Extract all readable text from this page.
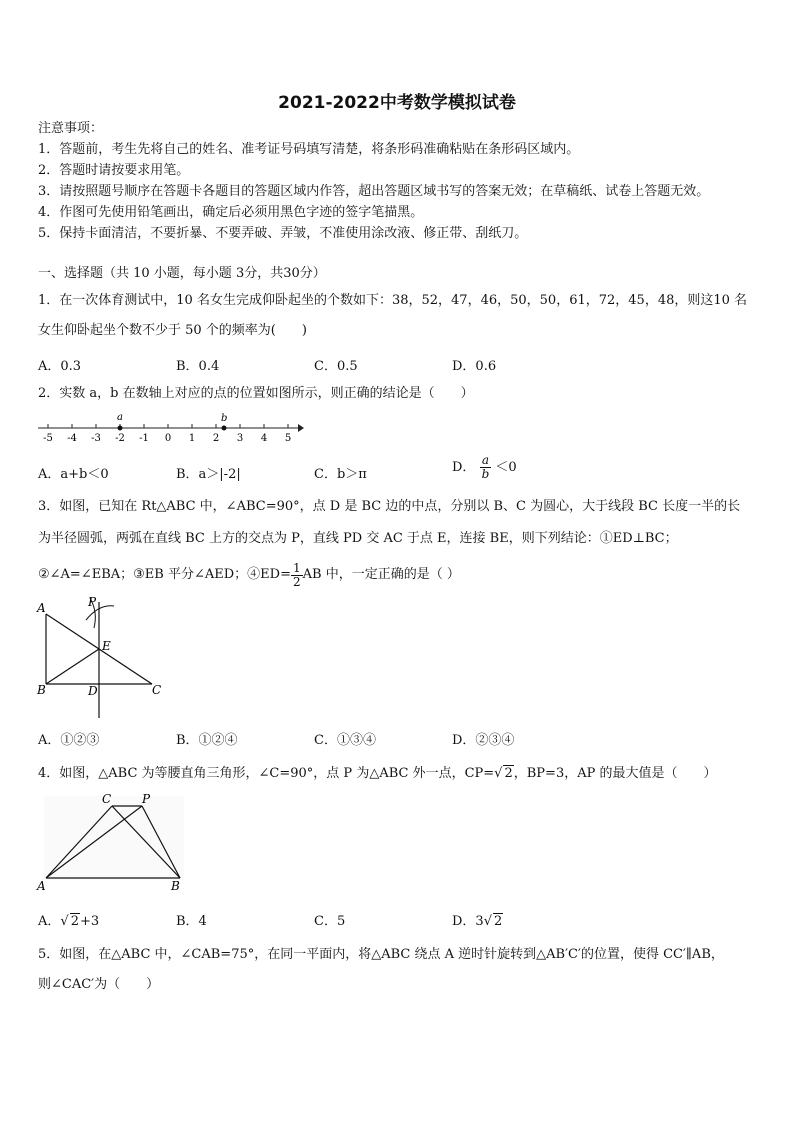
2021-2022中考数学模拟试卷
注意事项：
1．答题前，考生先将自己的姓名、准考证号码填写清楚，将条形码准确粘贴在条形码区域内。
2．答题时请按要求用笔。
3．请按照题号顺序在答题卡各题目的答题区域内作答，超出答题区域书写的答案无效；在草稿纸、试卷上答题无效。
4．作图可先使用铅笔画出，确定后必须用黑色字迹的签字笔描黑。
5．保持卡面清洁，不要折暴、不要弄破、弄皱，不准使用涂改液、修正带、刮纸刀。
一、选择题（共 10 小题，每小题 3分，共30分）
1．在一次体育测试中，10 名女生完成仰卧起坐的个数如下：38，52，47，46，50，50，61，72，45，48，则这10 名
女生仰卧起坐个数不少于 50 个的频率为(　　)
A．0.3	B．0.4	C．0.5	D．0.6
2．实数 a，b 在数轴上对应的点的位置如图所示，则正确的结论是（　　）
-5 -4 -3 -2 -1 0 1 2 3 4 5
a	b
A．a+b＜0	B．a＞|-2|	C．b＞π	D． $\frac{a}{b} <0$
3．如图，已知在 Rt△ABC 中，∠ABC=90°，点 D 是 BC 边的中点，分别以 B、C 为圆心，大于线段 BC 长度一半的长
为半径圆弧，两弧在直线 BC 上方的交点为 P，直线 PD 交 AC 于点 E，连接 BE，则下列结论：①ED⊥BC；
②∠A=∠EBA；③EB 平分∠AED；④ED= $\frac{1}{2}$ AB 中，一定正确的是（ ）
A	P
E
B	D	C
A．①②③	B．①②④	C．①③④	D．②③④
4．如图，△ABC 为等腰直角三角形，∠C=90°，点 P 为△ABC 外一点，CP=√ 2，BP=3，AP 的最大值是（　　）
C	P
A	B
A．√ 2+3	B．4	C．5	D．3√ 2
5．如图，在△ABC 中，∠CAB=75°，在同一平面内，将△ABC 绕点 A 逆时针旋转到△AB′C′的位置，使得 CC′∥AB，
则∠CAC′为（　　）
